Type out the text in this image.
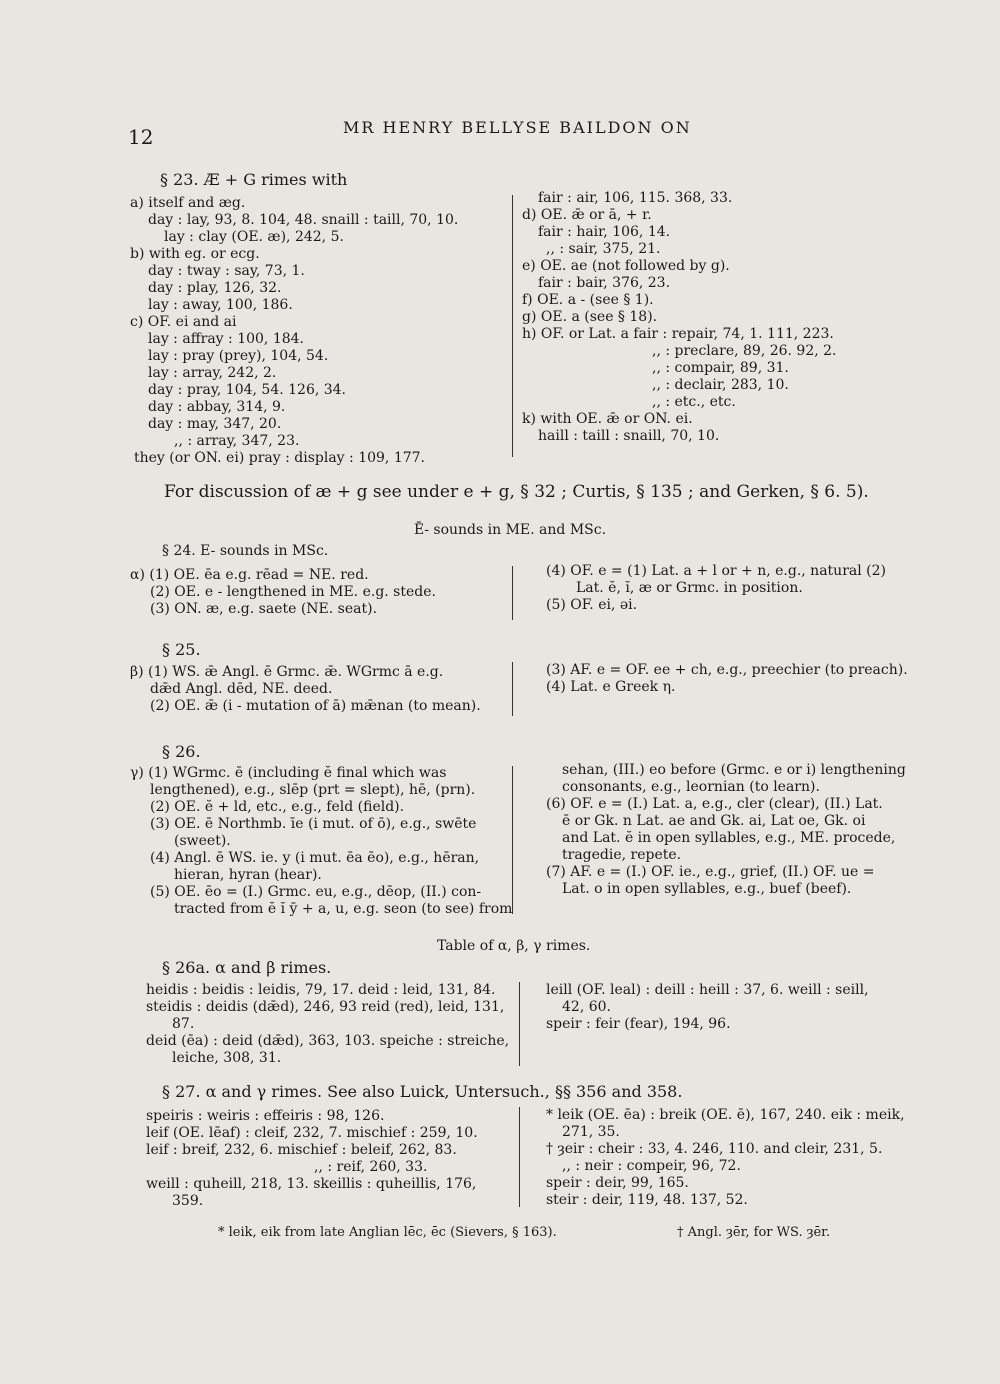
12	MR HENRY BELLYSE BAILDON ON
§ 23. Æ + G rimes with
a) itself and æg.
day : lay, 93, 8. 104, 48. snaill : taill, 70, 10.
lay : clay (OE. æ), 242, 5.
b) with eg. or ecg.
day : tway : say, 73, 1.
day : play, 126, 32.
lay : away, 100, 186.
c) OF. ei and ai
lay : affray : 100, 184.
lay : pray (prey), 104, 54.
lay : array, 242, 2.
day : pray, 104, 54. 126, 34.
day : abbay, 314, 9.
day : may, 347, 20.
,, : array, 347, 23.
they (or ON. ei) pray : display : 109, 177.
fair : air, 106, 115. 368, 33.
d) OE. ǣ or ā, + r.
fair : hair, 106, 14.
,, : sair, 375, 21.
e) OE. ae (not followed by g).
fair : bair, 376, 23.
f) OE. a - (see § 1).
g) OE. a (see § 18).
h) OF. or Lat. a fair : repair, 74, 1. 111, 223.
,, : preclare, 89, 26. 92, 2.
,, : compair, 89, 31.
,, : declair, 283, 10.
,, : etc., etc.
k) with OE. ǣ or ON. ei.
haill : taill : snaill, 70, 10.
For discussion of æ + g see under e + g, § 32 ; Curtis, § 135 ; and Gerken, § 6. 5).
Ē- sounds in ME. and MSc.
§ 24. E- sounds in MSc.
α) (1) OE. ēa e.g. rēad = NE. red.
(2) OE. e - lengthened in ME. e.g. stede.
(3) ON. æ, e.g. saete (NE. seat).
(4) OF. e = (1) Lat. a + l or + n, e.g., natural (2)
Lat. ĕ, ĭ, æ or Grmc. in position.
(5) OF. ei, əi.
§ 25.
β) (1) WS. ǣ Angl. ē Grmc. ǣ. WGrmc ā e.g.
dǣd Angl. dēd, NE. deed.
(2) OE. ǣ (i - mutation of ā) mǣnan (to mean).
(3) AF. e = OF. ee + ch, e.g., preechier (to preach).
(4) Lat. e Greek η.
§ 26.
γ) (1) WGrmc. ē (including ĕ final which was
lengthened), e.g., slēp (prt = slept), hē, (prn).
(2) OE. ĕ + ld, etc., e.g., feld (field).
(3) OE. ē Northmb. īe (i mut. of ō), e.g., swēte
(sweet).
(4) Angl. ē WS. ie. y (i mut. ēa ēo), e.g., hēran,
hieran, hyran (hear).
(5) OE. ēo = (I.) Grmc. eu, e.g., dēop, (II.) con-
tracted from ĕ ĭ ȳ + a, u, e.g. seon (to see) from
sehan, (III.) eo before (Grmc. e or i) lengthening
consonants, e.g., leornian (to learn).
(6) OF. e = (I.) Lat. a, e.g., cler (clear), (II.) Lat.
ē or Gk. n Lat. ae and Gk. ai, Lat oe, Gk. oi
and Lat. ĕ in open syllables, e.g., ME. procede,
tragedie, repete.
(7) AF. e = (I.) OF. ie., e.g., grief, (II.) OF. ue =
Lat. o in open syllables, e.g., buef (beef).
Table of α, β, γ rimes.
§ 26a. α and β rimes.
heidis : beidis : leidis, 79, 17. deid : leid, 131, 84.
steidis : deidis (dǣd), 246, 93 reid (red), leid, 131,
87.
deid (ēa) : deid (dǣd), 363, 103. speiche : streiche,
leiche, 308, 31.
leill (OF. leal) : deill : heill : 37, 6. weill : seill,
42, 60.
speir : feir (fear), 194, 96.
§ 27. α and γ rimes. See also Luick, Untersuch., §§ 356 and 358.
speiris : weiris : effeiris : 98, 126.
leif (OE. lēaf) : cleif, 232, 7. mischief : 259, 10.
leif : breif, 232, 6. mischief : beleif, 262, 83.
,, : reif, 260, 33.
weill : quheill, 218, 13. skeillis : quheillis, 176,
359.
* leik (OE. ēa) : breik (OE. ē), 167, 240. eik : meik,
271, 35.
† ȝeir : cheir : 33, 4. 246, 110. and cleir, 231, 5.
,, : neir : compeir, 96, 72.
speir : deir, 99, 165.
steir : deir, 119, 48. 137, 52.
* leik, eik from late Anglian lēc, ēc (Sievers, § 163).	† Angl. ȝēr, for WS. ȝēr.
